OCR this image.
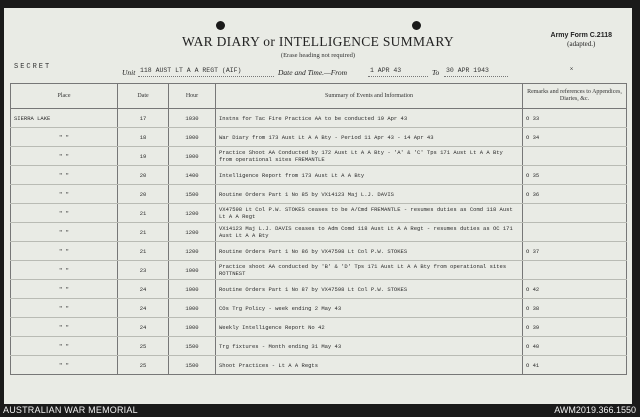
WAR DIARY or INTELLIGENCE SUMMARY
(Erase heading not required)
Army Form C.2118
(adapted.)
SECRET
Unit 118 AUST LT A A REGT (AIF)	Date and Time.—From	1 APR 43	To 30 APR 1943	˟
Place	Date	Hour	Summary of Events and Information	Remarks and references to Appendices, Diaries, &c.
SIERRA LAKE	17	1030	Instns for Tac Fire Practice AA to be conducted 19 Apr 43	O 33
" "	18	1000	War Diary from 173 Aust Lt A A Bty - Period 11 Apr 43 - 14 Apr 43	O 34
" "	19	1000	Practice Shoot AA Conducted by 172 Aust Lt A A Bty - 'A' & 'C' Tps 171 Aust Lt A A Bty from operational sites FREMANTLE	
" "	20	1400	Intelligence Report from 173 Aust Lt A A Bty	O 35
" "	20	1500	Routine Orders Part 1 No 85 by VX14123 Maj L.J. DAVIS	O 36
" "	21	1200	VX47598 Lt Col P.W. STOKES ceases to be A/Cmd FREMANTLE - resumes duties as Comd 118 Aust Lt A A Regt	
" "	21	1200	VX14123 Maj L.J. DAVIS ceases to Adm Comd 118 Aust Lt A A Regt - resumes duties as OC 171 Aust Lt A A Bty	
" "	21	1200	Routine Orders Part 1 No 86 by VX47598 Lt Col P.W. STOKES	O 37
" "	23	1000	Practice shoot AA conducted by 'B' & 'D' Tps 171 Aust Lt A A Bty from operational sites ROTTNEST	
" "	24	1000	Routine Orders Part 1 No 87 by VX47598 Lt Col P.W. STOKES	O 42
" "	24	1000	COs Trg Policy - week ending 2 May 43	O 38
" "	24	1000	Weekly Intelligence Report No 42	O 39
" "	25	1500	Trg fixtures - Month ending 31 May 43	O 40
" "	25	1500	Shoot Practices - Lt A A Regts	O 41
AUSTRALIAN WAR MEMORIAL	AWM2019.366.1550
